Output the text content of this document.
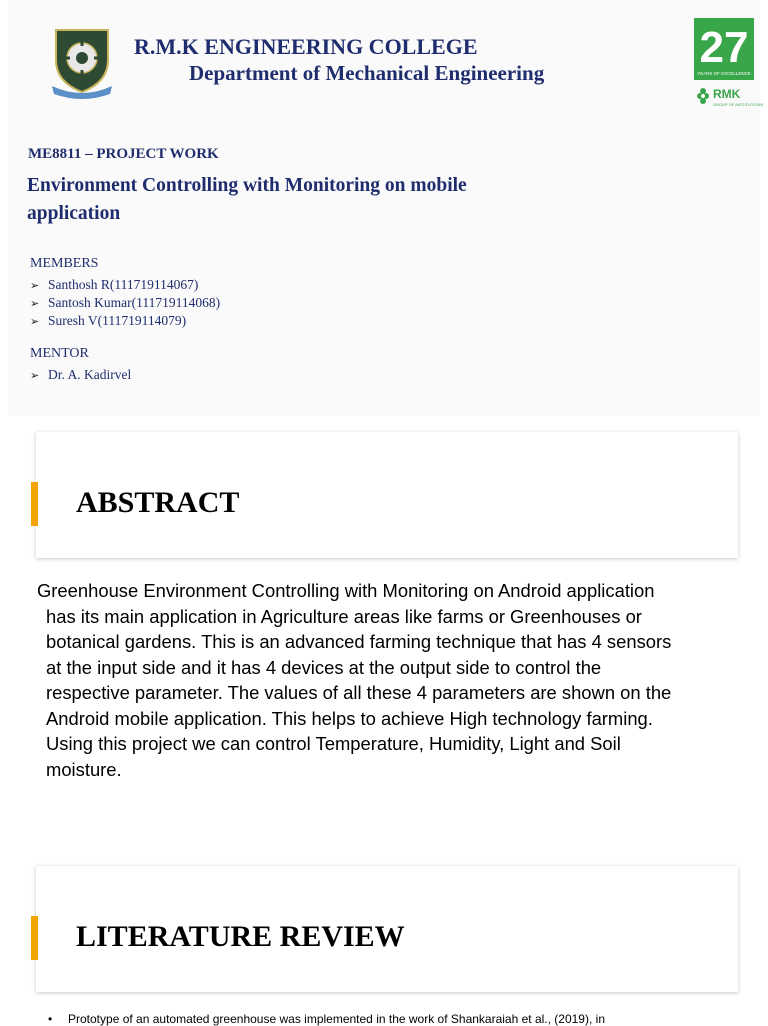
R.M.K ENGINEERING COLLEGE
Department of Mechanical Engineering
27
YEARS OF EXCELLENCE
RMK
GROUP OF INSTITUTIONS
ME8811 – PROJECT WORK
Environment Controlling with Monitoring on mobile application
MEMBERS
➢ Santhosh R(111719114067)
➢ Santosh Kumar(111719114068)
➢ Suresh V(111719114079)
MENTOR
➢ Dr. A. Kadirvel
ABSTRACT

Greenhouse Environment Controlling with Monitoring on Android application has its main application in Agriculture areas like farms or Greenhouses or botanical gardens. This is an advanced farming technique that has 4 sensors at the input side and it has 4 devices at the output side to control the respective parameter. The values of all these 4 parameters are shown on the Android mobile application. This helps to achieve High technology farming. Using this project we can control Temperature, Humidity, Light and Soil moisture.

LITERATURE REVIEW
• Prototype of an automated greenhouse was implemented in the work of Shankaraiah et al., (2019), in
